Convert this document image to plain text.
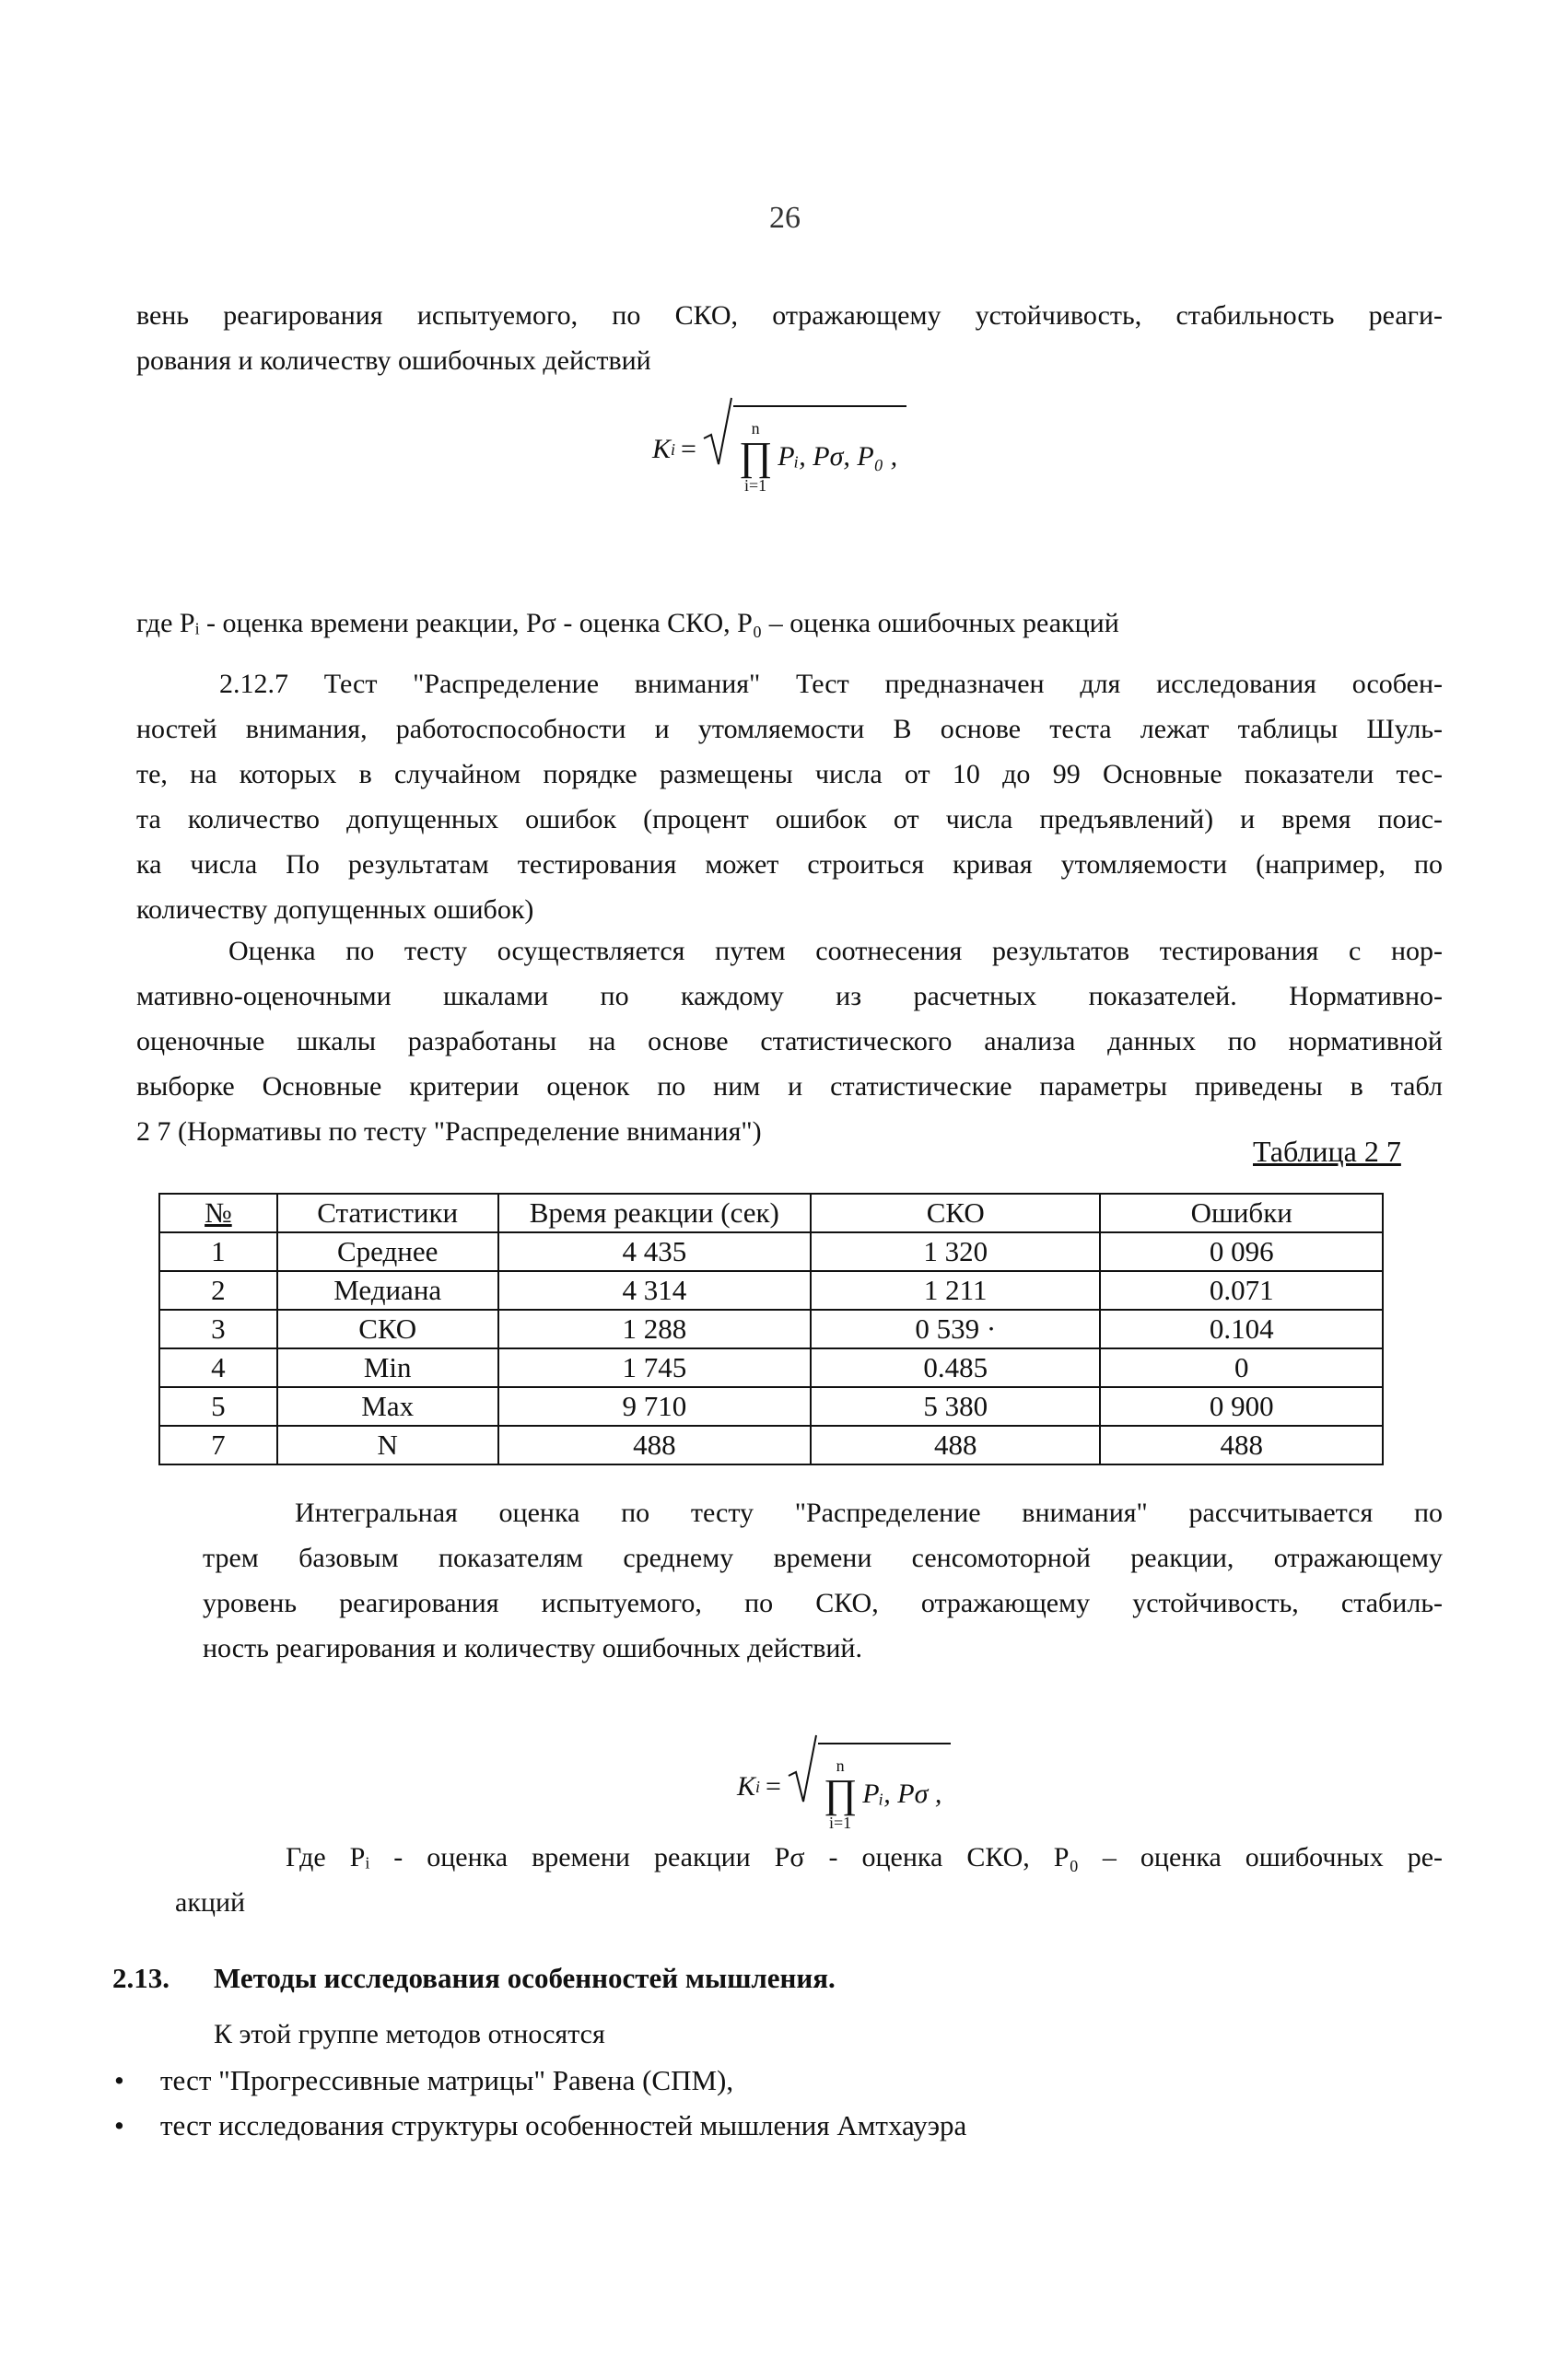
26
вень реагирования испытуемого, по СКО, отражающему устойчивость, стабильность реаги-
рования и количеству ошибочных действий
K i =
n
∏
i=1
P ᵢ, Pσ, P₀ ,
где Pᵢ - оценка времени реакции, Pσ - оценка СКО, P₀ – оценка ошибочных реакций
2.12.7 Тест "Распределение внимания" Тест предназначен для исследования особен-
ностей внимания, работоспособности и утомляемости В основе теста лежат таблицы Шуль-
те, на которых в случайном порядке размещены числа от 10 до 99 Основные показатели тес-
та количество допущенных ошибок (процент ошибок от числа предъявлений) и время поис-
ка числа По результатам тестирования может строиться кривая утомляемости (например, по
количеству допущенных ошибок)
Оценка по тесту осуществляется путем соотнесения результатов тестирования с нор-
мативно-оценочными шкалами по каждому из расчетных показателей. Нормативно-
оценочные шкалы разработаны на основе статистического анализа данных по нормативной
выборке Основные критерии оценок по ним и статистические параметры приведены в табл
2 7 (Нормативы по тесту "Распределение внимания")
Таблица 2 7
№	Статистики	Время реакции (сек)	СКО	Ошибки
1	Среднее	4 435	1 320	0 096
2	Медиана	4 314	1 211	0.071
3	СКО	1 288	0 539 ·	0.104
4	Min	1 745	0.485	0
5	Max	9 710	5 380	0 900
7	N	488	488	488
Интегральная оценка по тесту "Распределение внимания" рассчитывается по
трем базовым показателям среднему времени сенсомоторной реакции, отражающему
уровень реагирования испытуемого, по СКО, отражающему устойчивость, стабиль-
ность реагирования и количеству ошибочных действий.
K i =
n
∏
i=1
Pᵢ, Pσ ,
Где Pᵢ - оценка времени реакции Pσ - оценка СКО, P₀ – оценка ошибочных ре-
акций
2.13. Методы исследования особенностей мышления.
К этой группе методов относятся
• тест "Прогрессивные матрицы" Равена (СПМ),
• тест исследования структуры особенностей мышления Амтхауэра
